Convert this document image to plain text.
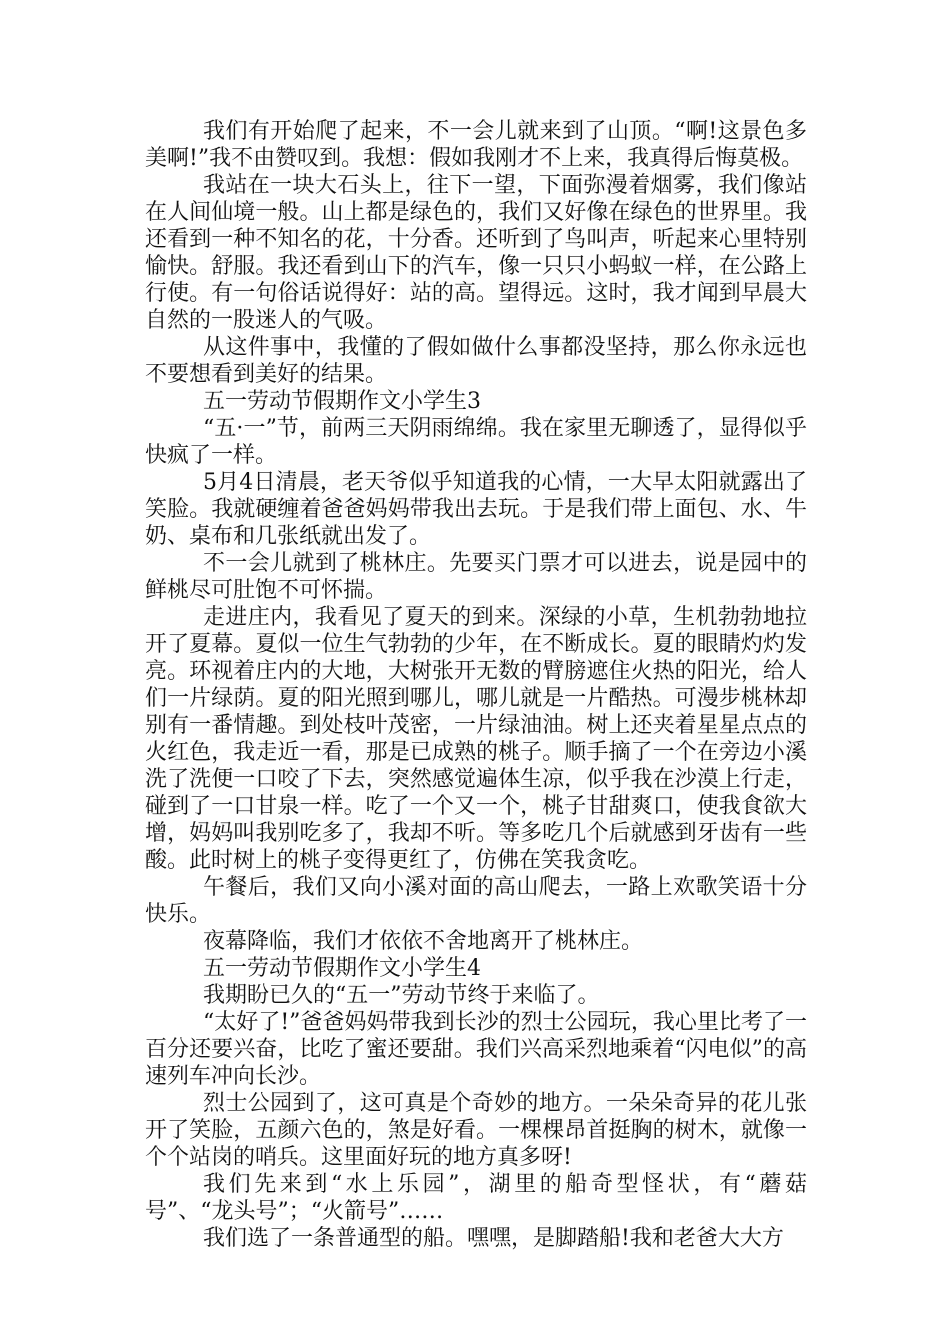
我们有开始爬了起来，不一会儿就来到了山顶。“啊!这景色多美啊!”我不由赞叹到。我想：假如我刚才不上来，我真得后悔莫极。

我站在一块大石头上，往下一望，下面弥漫着烟雾，我们像站在人间仙境一般。山上都是绿色的，我们又好像在绿色的世界里。我还看到一种不知名的花，十分香。还听到了鸟叫声，听起来心里特别愉快。舒服。我还看到山下的汽车，像一只只小蚂蚁一样，在公路上行使。有一句俗话说得好：站的高。望得远。这时，我才闻到早晨大自然的一股迷人的气吸。

从这件事中，我懂的了假如做什么事都没坚持，那么你永远也不要想看到美好的结果。

五一劳动节假期作文小学生3

“五·一”节，前两三天阴雨绵绵。我在家里无聊透了，显得似乎快疯了一样。

5月4日清晨，老天爷似乎知道我的心情，一大早太阳就露出了笑脸。我就硬缠着爸爸妈妈带我出去玩。于是我们带上面包、水、牛奶、桌布和几张纸就出发了。

不一会儿就到了桃林庄。先要买门票才可以进去，说是园中的鲜桃尽可肚饱不可怀揣。

走进庄内，我看见了夏天的到来。深绿的小草，生机勃勃地拉开了夏幕。夏似一位生气勃勃的少年，在不断成长。夏的眼睛灼灼发亮。环视着庄内的大地，大树张开无数的臂膀遮住火热的阳光，给人们一片绿荫。夏的阳光照到哪儿，哪儿就是一片酷热。可漫步桃林却别有一番情趣。到处枝叶茂密，一片绿油油。树上还夹着星星点点的火红色，我走近一看，那是已成熟的桃子。顺手摘了一个在旁边小溪洗了洗便一口咬了下去，突然感觉遍体生凉，似乎我在沙漠上行走，碰到了一口甘泉一样。吃了一个又一个，桃子甘甜爽口，使我食欲大增，妈妈叫我别吃多了，我却不听。等多吃几个后就感到牙齿有一些酸。此时树上的桃子变得更红了，仿佛在笑我贪吃。

午餐后，我们又向小溪对面的高山爬去，一路上欢歌笑语十分快乐。

夜幕降临，我们才依依不舍地离开了桃林庄。

五一劳动节假期作文小学生4

我期盼已久的“五一”劳动节终于来临了。

“太好了!”爸爸妈妈带我到长沙的烈士公园玩，我心里比考了一百分还要兴奋，比吃了蜜还要甜。我们兴高采烈地乘着“闪电似”的高速列车冲向长沙。

烈士公园到了，这可真是个奇妙的地方。一朵朵奇异的花儿张开了笑脸，五颜六色的，煞是好看。一棵棵昂首挺胸的树木，就像一个个站岗的哨兵。这里面好玩的地方真多呀!

我们先来到“水上乐园”，湖里的船奇型怪状，有“蘑菇号”、“龙头号”；“火箭号”……

我们选了一条普通型的船。嘿嘿，是脚踏船!我和老爸大大方
